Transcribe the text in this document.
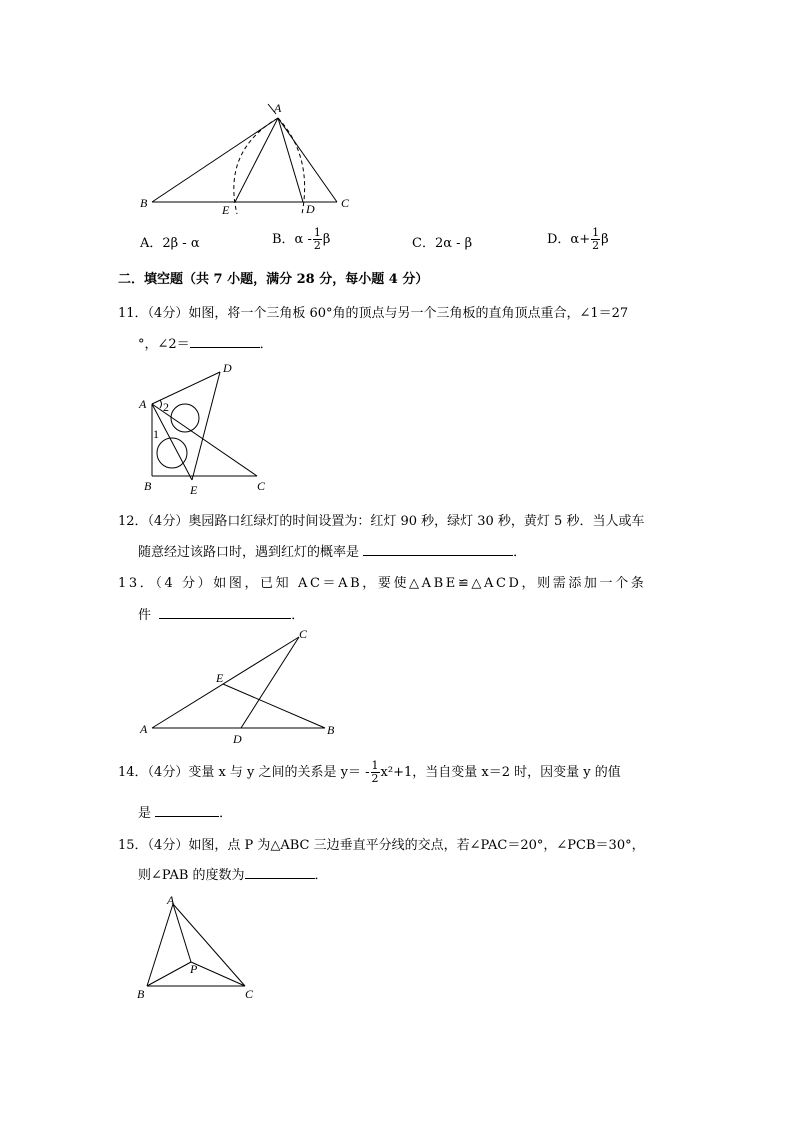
A
B	E	D C
A．2β - α	B．α - $\frac{1}{2}$ β	C．2α - β	D．$\alpha+ \frac{1}{2}$ β
二．填空题（共 7 小题，满分 28 分，每小题 4 分）
11．（4分）如图，将一个三角板 60°角的顶点与另一个三角板的直角顶点重合，∠1＝27
°，∠2＝	．
A
D
B	E	C
1
2
12．（4分）奥园路口红绿灯的时间设置为：红灯 90 秒，绿灯 30 秒，黄灯 5 秒．当人或车
随意经过该路口时，遇到红灯的概率是	．
13．（4 分）如图，已知 AC＝AB，要使△ABE≌△ACD，则需添加一个条
件	．
C
E
A
D
B
14．（4分）变量 x 与 y 之间的关系是 $y= - \frac{1}{2} x^2+1$，当自变量 x＝2 时，因变量 y 的值
是	．
15．（4分）如图，点 P 为△ABC 三边垂直平分线的交点，若∠PAC＝20°，∠PCB＝30°，
则∠PAB 的度数为	．
A
P
B	C
